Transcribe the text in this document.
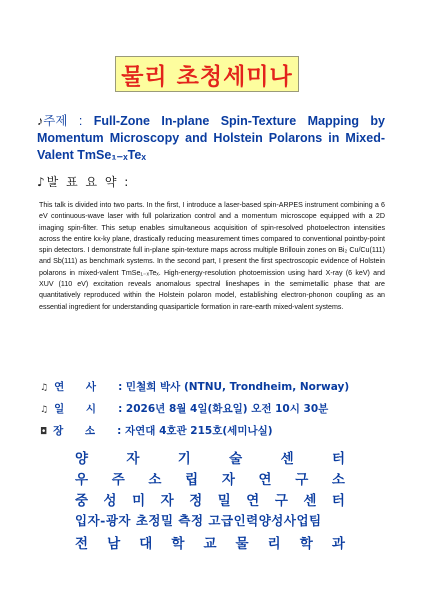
물리 초청세미나
♪주제 : Full-Zone In-plane Spin-Texture Mapping by Momentum Microscopy and Holstein Polarons in Mixed-Valent TmSe₁₋ₓTeₓ
♪발 표 요 약 :
This talk is divided into two parts. In the first, I introduce a laser-based spin-ARPES instrument combining a 6 eV continuous-wave laser with full polarization control and a momentum microscope equipped with a 2D imaging spin-filter. This setup enables simultaneous acquisition of spin-resolved photoelectron intensities across the entire kx-ky plane, drastically reducing measurement times compared to conventional pointby-point spin detectors. I demonstrate full in-plane spin-texture maps across multiple Brillouin zones on Bi₂ Cu/Cu(111) and Sb(111) as benchmark systems. In the second part, I present the first spectroscopic evidence of Holstein polarons in mixed-valent TmSe₁₋ₓTeₓ. High-energy-resolution photoemission using hard X-ray (6 keV) and XUV (110 eV) excitation reveals anomalous spectral lineshapes in the semimetallic phase that are quantitatively reproduced within the Holstein polaron model, establishing electron-phonon coupling as an essential ingredient for understanding quasiparticle formation in rare-earth mixed-valent systems.
♫ 연 사 : 민철희 박사 (NTNU, Trondheim, Norway)
♫ 일 시 : 2026년 8월 4일(화요일) 오전 10시 30분
◘ 장 소 : 자연대 4호관 215호(세미나실)
양	자	기	술	센	터
우 주 소 립 자 연 구 소
중 성 미 자 정 밀 연 구 센 터
입자-광자 초정밀 측정 고급인력양성사업팀
전 남 대 학 교 물 리 학 과
